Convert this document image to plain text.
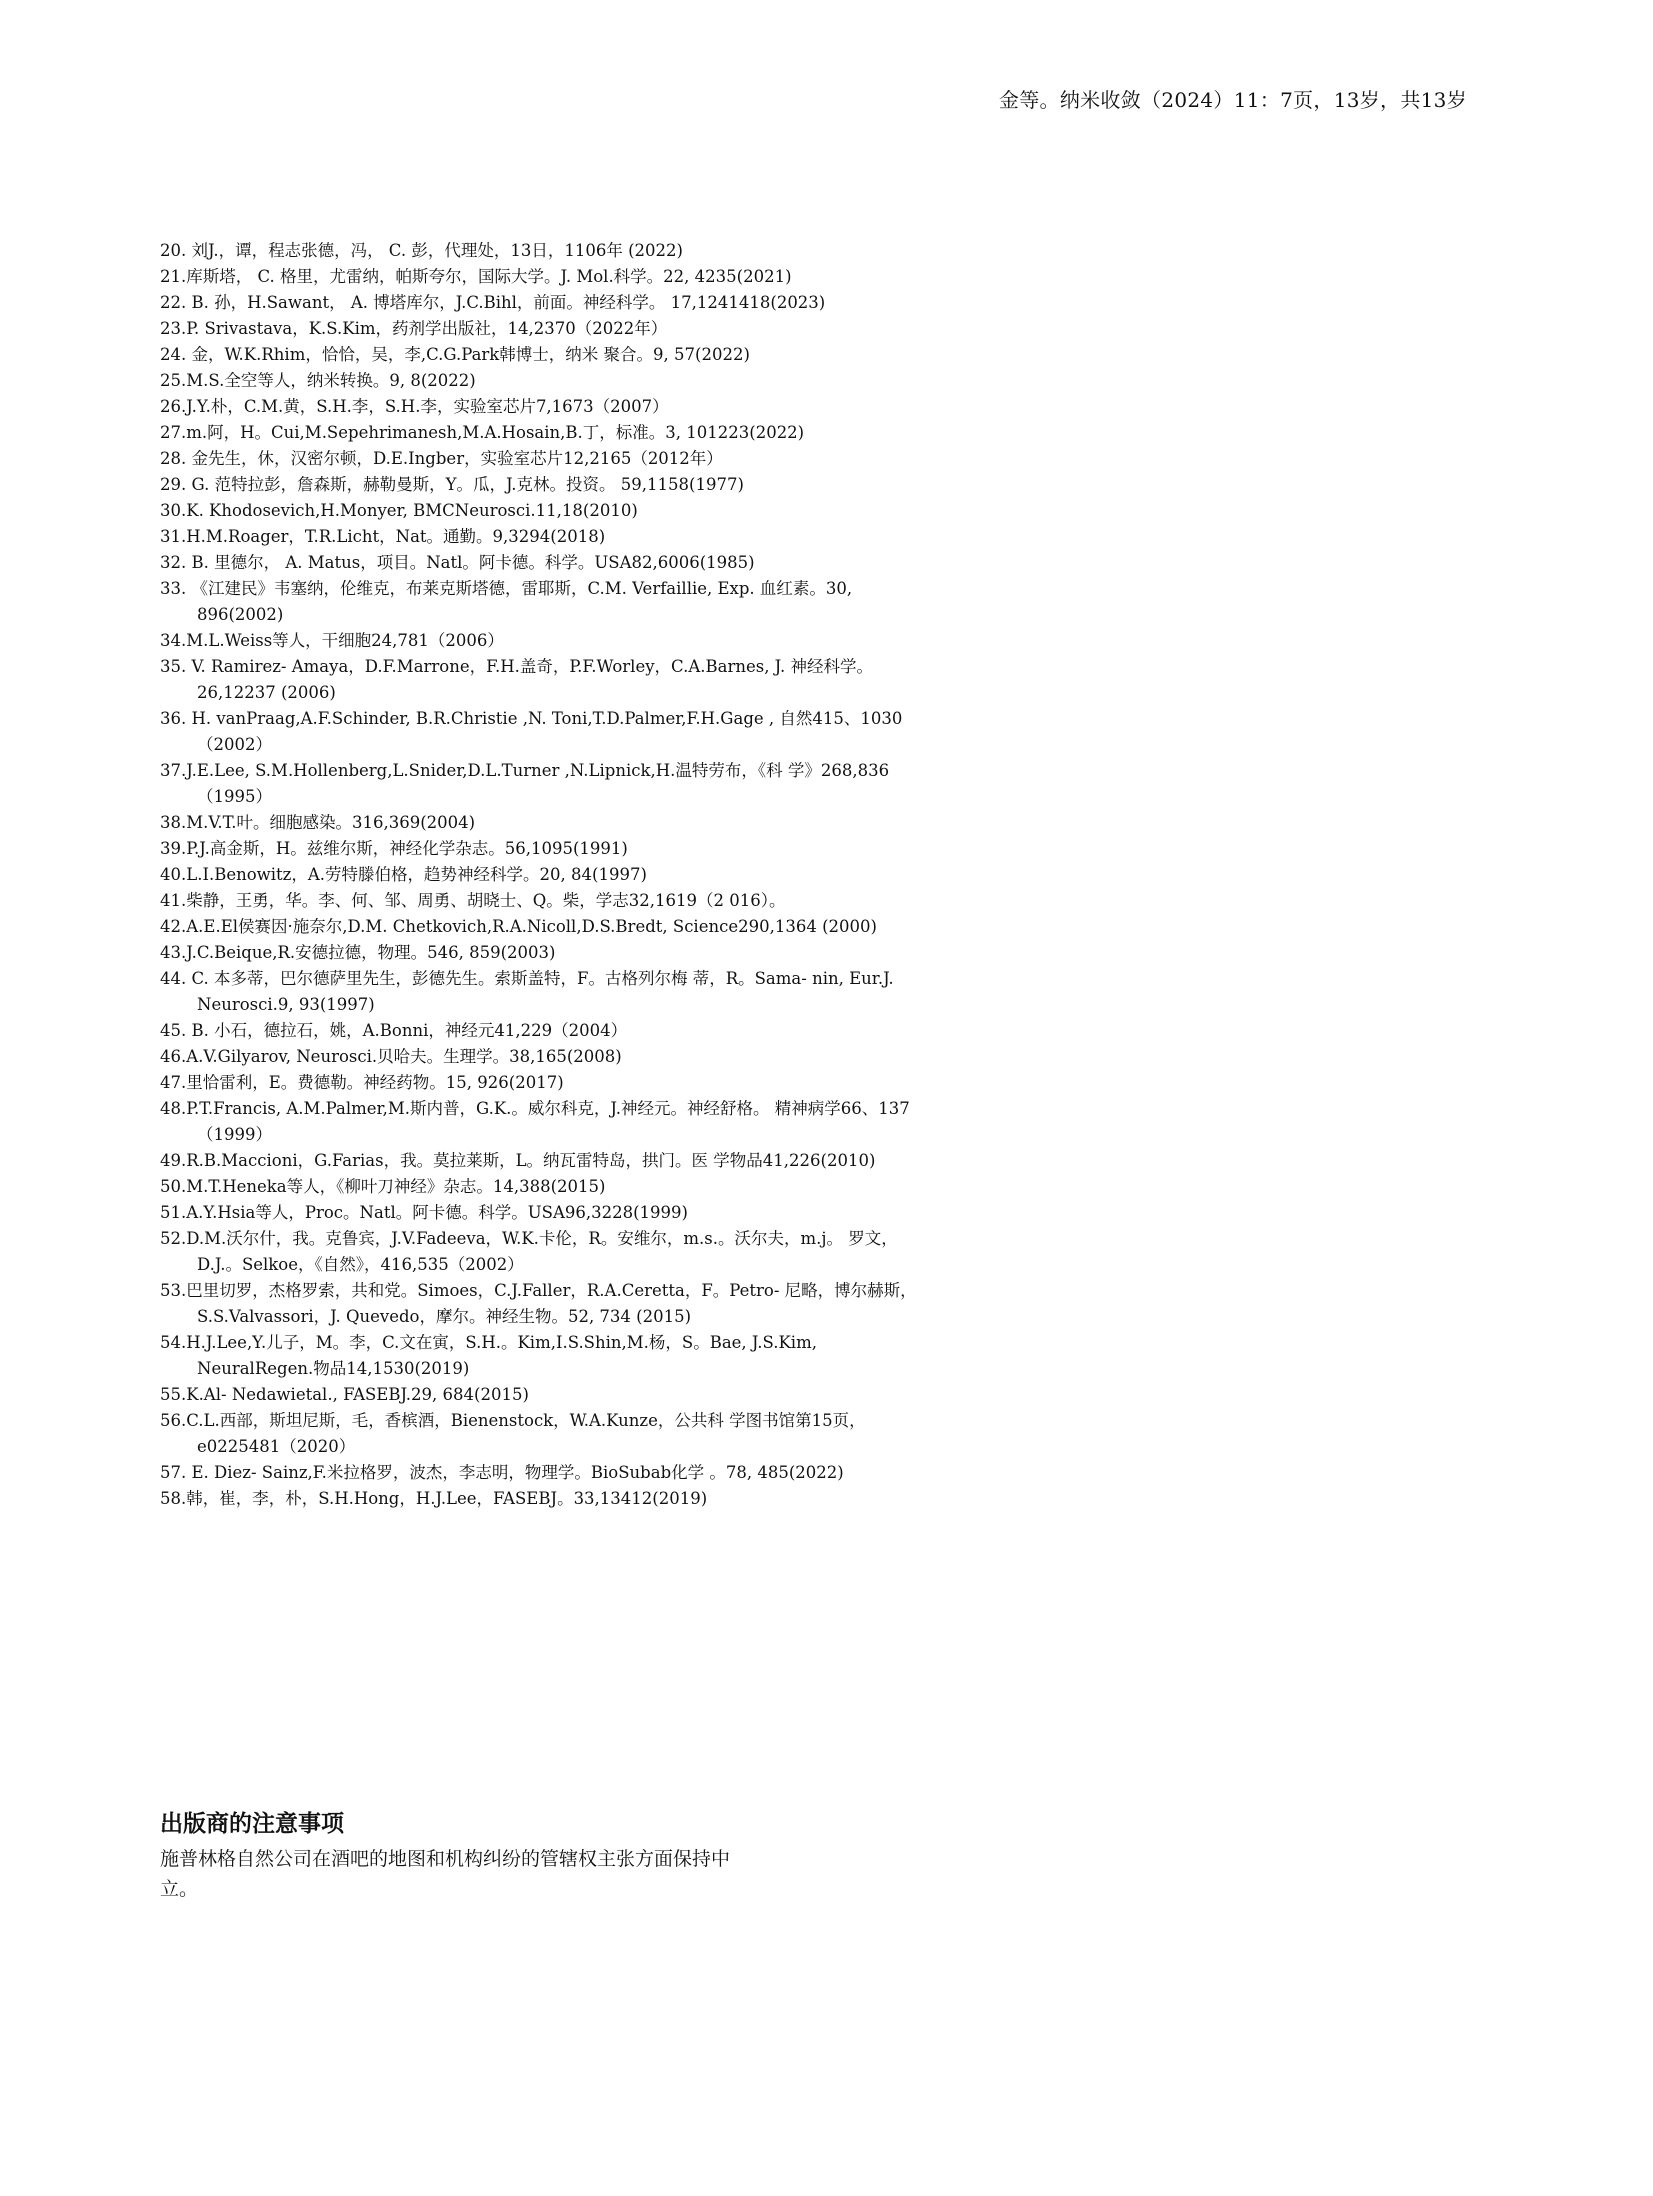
金等。纳米收敛（2024）11：7页，13岁，共13岁

20. 刘J.，谭，程志张德，冯， C. 彭，代理处，13日，1106年 (2022)

21.库斯塔， C. 格里，尤雷纳，帕斯夸尔，国际大学。J. Mol.科学。22, 4235(2021)

22. B. 孙，H.Sawant， A. 博塔库尔，J.C.Bihl，前面。神经科学。 17,1241418(2023)

23.P. Srivastava，K.S.Kim，药剂学出版社，14,2370（2022年）

24. 金，W.K.Rhim，恰恰，吴，李,C.G.Park韩博士，纳米 聚合。9, 57(2022)

25.M.S.全空等人，纳米转换。9, 8(2022)

26.J.Y.朴，C.M.黄，S.H.李，S.H.李，实验室芯片7,1673（2007）

27.m.阿，H。Cui,M.Sepehrimanesh,M.A.Hosain,B.丁，标准。3, 101223(2022)

28. 金先生，休，汉密尔顿，D.E.Ingber，实验室芯片12,2165（2012年）

29. G. 范特拉彭，詹森斯，赫勒曼斯，Y。瓜，J.克林。投资。 59,1158(1977)

30.K. Khodosevich,H.Monyer, BMCNeurosci.11,18(2010)

31.H.M.Roager，T.R.Licht，Nat。通勤。9,3294(2018)

32. B. 里德尔， A. Matus，项目。Natl。阿卡德。科学。USA82,6006(1985)

33. 《江建民》韦塞纳，伦维克，布莱克斯塔德，雷耶斯，C.M. Verfaillie, Exp. 血红素。30, 896(2002)

34.M.L.Weiss等人，干细胞24,781（2006）

35. V. Ramirez‐ Amaya，D.F.Marrone，F.H.盖奇，P.F.Worley，C.A.Barnes, J. 神经科学。26,12237 (2006)

36. H. vanPraag,A.F.Schinder, B.R.Christie ,N. Toni,T.D.Palmer,F.H.Gage , 自然415、1030（2002）

37.J.E.Lee, S.M.Hollenberg,L.Snider,D.L.Turner ,N.Lipnick,H.温特劳布，《科 学》268,836（1995）

38.M.V.T.叶。细胞感染。316,369(2004)

39.P.J.高金斯，H。兹维尔斯，神经化学杂志。56,1095(1991)

40.L.I.Benowitz，A.劳特滕伯格，趋势神经科学。20, 84(1997)

41.柴静，王勇，华。李、何、邹、周勇、胡晓士、Q。柴，学志32,1619（2 016）。

42.A.E.El侯赛因·施奈尔,D.M. Chetkovich,R.A.Nicoll,D.S.Bredt, Science290,1364 (2000)

43.J.C.Beique,R.安德拉德，物理。546, 859(2003)

44. C. 本多蒂，巴尔德萨里先生，彭德先生。索斯盖特，F。古格列尔梅 蒂，R。Sama‐ nin, Eur.J. Neurosci.9, 93(1997)

45. B. 小石，德拉石，姚，A.Bonni，神经元41,229（2004）

46.A.V.Gilyarov, Neurosci.贝哈夫。生理学。38,165(2008)

47.里恰雷利，E。费德勒。神经药物。15, 926(2017)

48.P.T.Francis, A.M.Palmer,M.斯内普，G.K.。威尔科克，J.神经元。神经舒格。 精神病学66、137（1999）

49.R.B.Maccioni，G.Farias，我。莫拉莱斯，L。纳瓦雷特岛，拱门。医 学物品41,226(2010)

50.M.T.Heneka等人，《柳叶刀神经》杂志。14,388(2015)

51.A.Y.Hsia等人，Proc。Natl。阿卡德。科学。USA96,3228(1999)

52.D.M.沃尔什，我。克鲁宾，J.V.Fadeeva，W.K.卡伦，R。安维尔，m.s.。沃尔夫，m.j。 罗文，D.J.。Selkoe，《自然》，416,535（2002）

53.巴里切罗，杰格罗索，共和党。Simoes，C.J.Faller，R.A.Ceretta，F。Petro‐ 尼略，博尔赫斯，S.S.Valvassori，J. Quevedo，摩尔。神经生物。52, 734 (2015)

54.H.J.Lee,Y.儿子，M。李，C.文在寅，S.H.。Kim,I.S.Shin,M.杨，S。Bae, J.S.Kim, NeuralRegen.物品14,1530(2019)

55.K.Al‐ Nedawietal., FASEBJ.29, 684(2015)

56.C.L.西部，斯坦尼斯，毛，香槟酒，Bienenstock，W.A.Kunze，公共科 学图书馆第15页，e0225481（2020）

57. E. Diez‐ Sainz,F.米拉格罗，波杰，李志明，物理学。BioSubab化学 。78, 485(2022)

58.韩，崔，李，朴，S.H.Hong，H.J.Lee，FASEBJ。33,13412(2019)

出版商的注意事项

施普林格自然公司在酒吧的地图和机构纠纷的管辖权主张方面保持中立。
